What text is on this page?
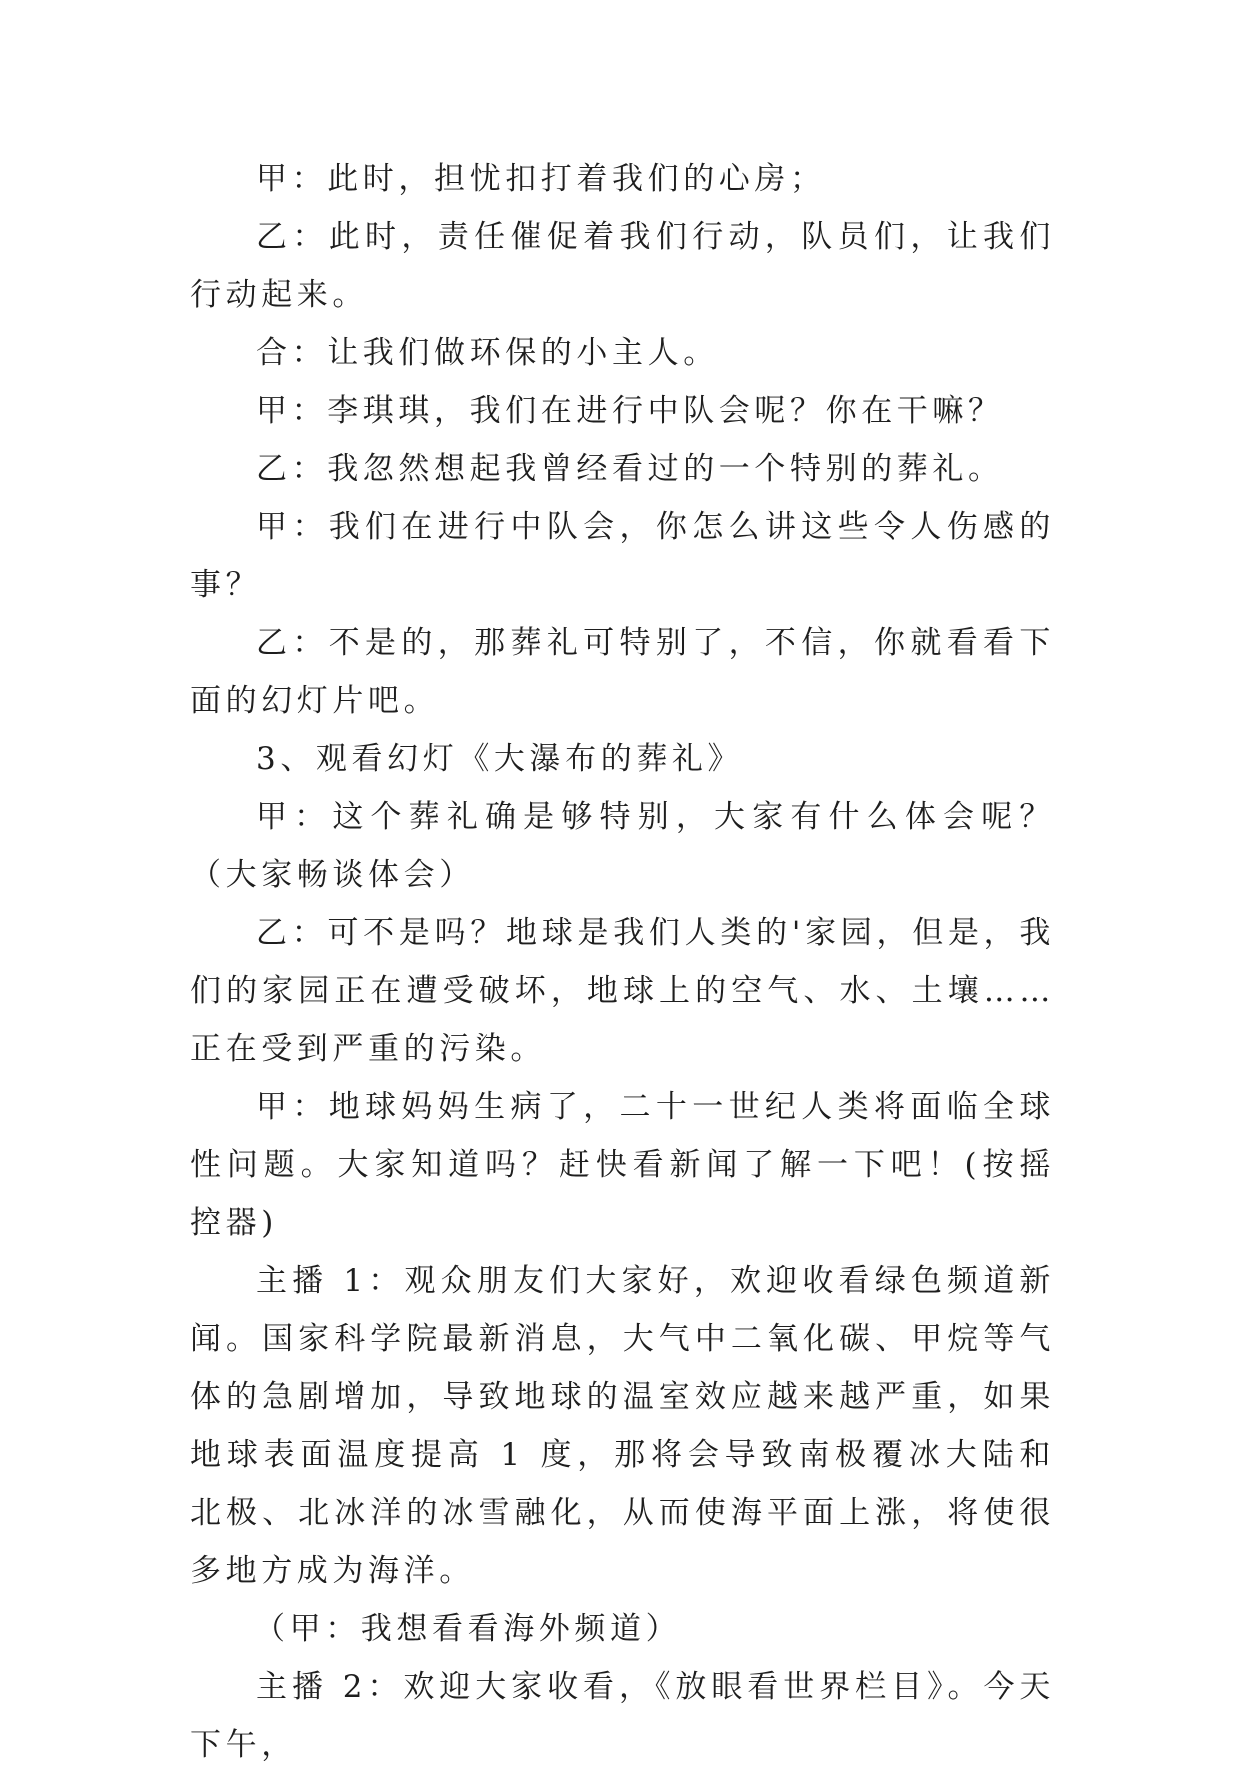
甲：此时，担忧扣打着我们的心房；

乙：此时，责任催促着我们行动，队员们，让我们行动起来。

合：让我们做环保的小主人。

甲：李琪琪，我们在进行中队会呢？你在干嘛？

乙：我忽然想起我曾经看过的一个特别的葬礼。

甲：我们在进行中队会，你怎么讲这些令人伤感的事？

乙：不是的，那葬礼可特别了，不信，你就看看下面的幻灯片吧。

3、观看幻灯《大瀑布的葬礼》

甲：这个葬礼确是够特别，大家有什么体会呢？（大家畅谈体会）

乙：可不是吗？地球是我们人类的'家园，但是，我们的家园正在遭受破坏，地球上的空气、水、土壤……正在受到严重的污染。

甲：地球妈妈生病了，二十一世纪人类将面临全球性问题。大家知道吗？赶快看新闻了解一下吧！(按摇控器)

主播 1：观众朋友们大家好，欢迎收看绿色频道新闻。国家科学院最新消息，大气中二氧化碳、甲烷等气体的急剧增加，导致地球的温室效应越来越严重，如果地球表面温度提高 1 度，那将会导致南极覆冰大陆和北极、北冰洋的冰雪融化，从而使海平面上涨，将使很多地方成为海洋。

（甲：我想看看海外频道）

主播 2：欢迎大家收看，《放眼看世界栏目》。今天下午，
